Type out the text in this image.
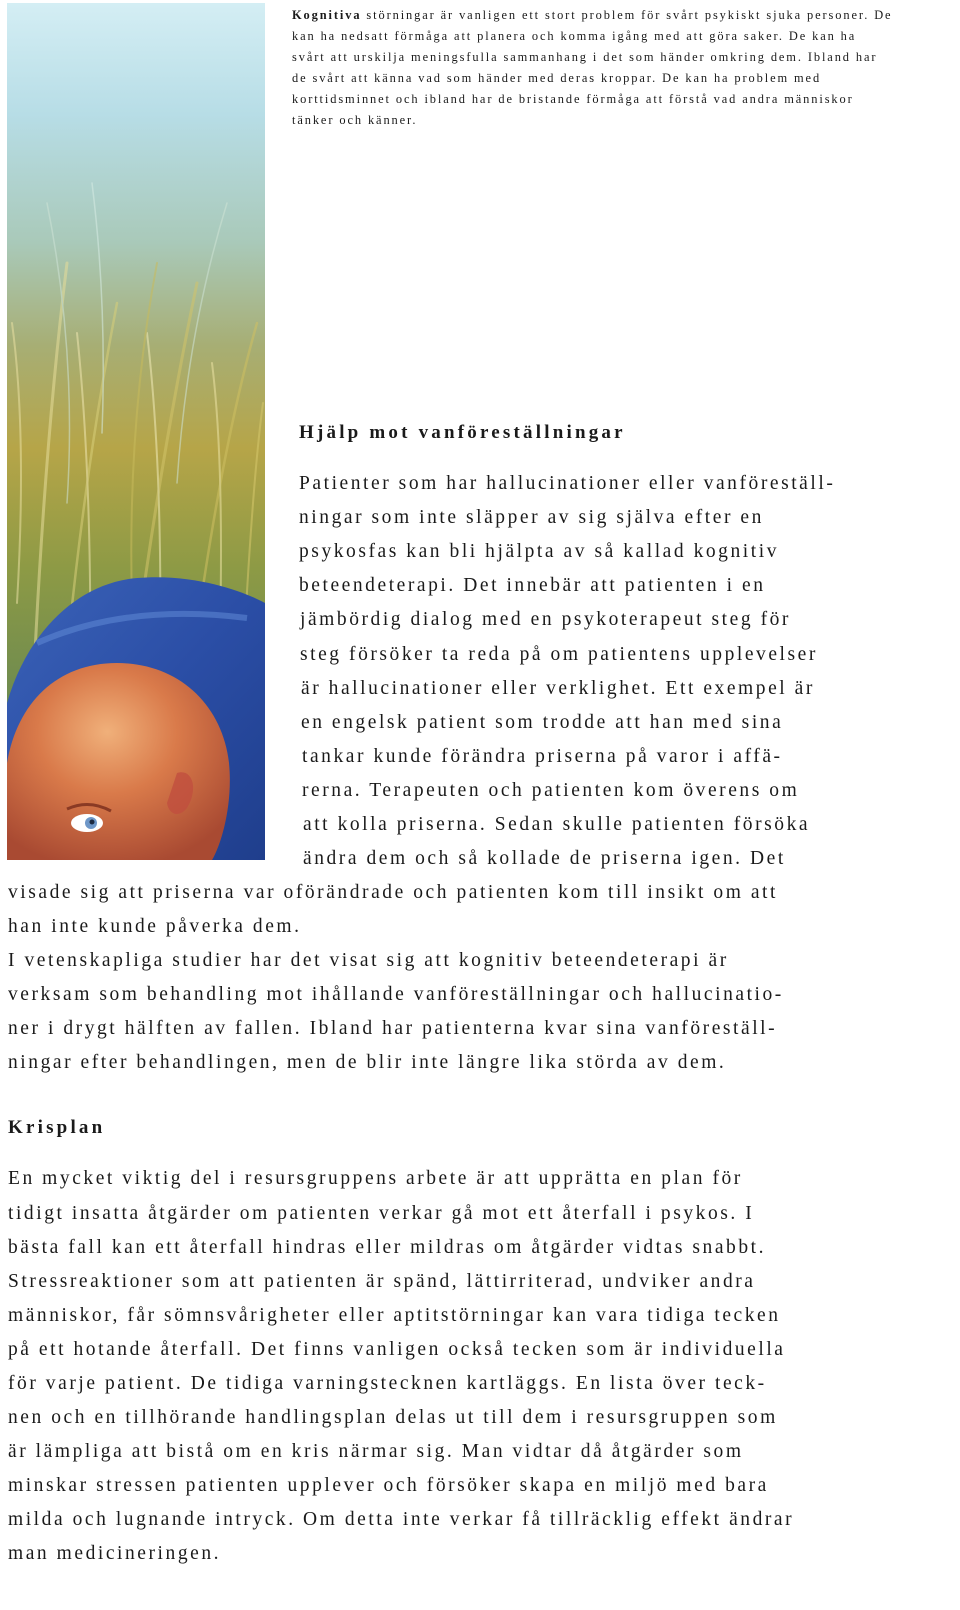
Kognitiva störningar är vanligen ett stort problem för svårt psykiskt sjuka personer. De
kan ha nedsatt förmåga att planera och komma igång med att göra saker. De kan ha
svårt att urskilja meningsfulla sammanhang i det som händer omkring dem. Ibland har
de svårt att känna vad som händer med deras kroppar. De kan ha problem med
korttidsminnet och ibland har de bristande förmåga att förstå vad andra människor
tänker och känner.

Hjälp mot vanföreställningar

Patienter som har hallucinationer eller vanföreställ-

ningar som inte släpper av sig själva efter en

psykosfas kan bli hjälpta av så kallad kognitiv

beteendeterapi. Det innebär att patienten i en

jämbördig dialog med en psykoterapeut steg för

steg försöker ta reda på om patientens upplevelser

är hallucinationer eller verklighet. Ett exempel är

en engelsk patient som trodde att han med sina

tankar kunde förändra priserna på varor i affä-

rerna. Terapeuten och patienten kom överens om

att kolla priserna. Sedan skulle patienten försöka

ändra dem och så kollade de priserna igen. Det

visade sig att priserna var oförändrade och patienten kom till insikt om att

han inte kunde påverka dem.

I vetenskapliga studier har det visat sig att kognitiv beteendeterapi är

verksam som behandling mot ihållande vanföreställningar och hallucinatio-

ner i drygt hälften av fallen. Ibland har patienterna kvar sina vanföreställ-

ningar efter behandlingen, men de blir inte längre lika störda av dem.

Krisplan

En mycket viktig del i resursgruppens arbete är att upprätta en plan för

tidigt insatta åtgärder om patienten verkar gå mot ett återfall i psykos. I

bästa fall kan ett återfall hindras eller mildras om åtgärder vidtas snabbt.

Stressreaktioner som att patienten är spänd, lättirriterad, undviker andra

människor, får sömnsvårigheter eller aptitstörningar kan vara tidiga tecken

på ett hotande återfall. Det finns vanligen också tecken som är individuella

för varje patient. De tidiga varningstecknen kartläggs. En lista över teck-

nen och en tillhörande handlingsplan delas ut till dem i resursgruppen som

är lämpliga att bistå om en kris närmar sig. Man vidtar då åtgärder som

minskar stressen patienten upplever och försöker skapa en miljö med bara

milda och lugnande intryck. Om detta inte verkar få tillräcklig effekt ändrar

man medicineringen.
